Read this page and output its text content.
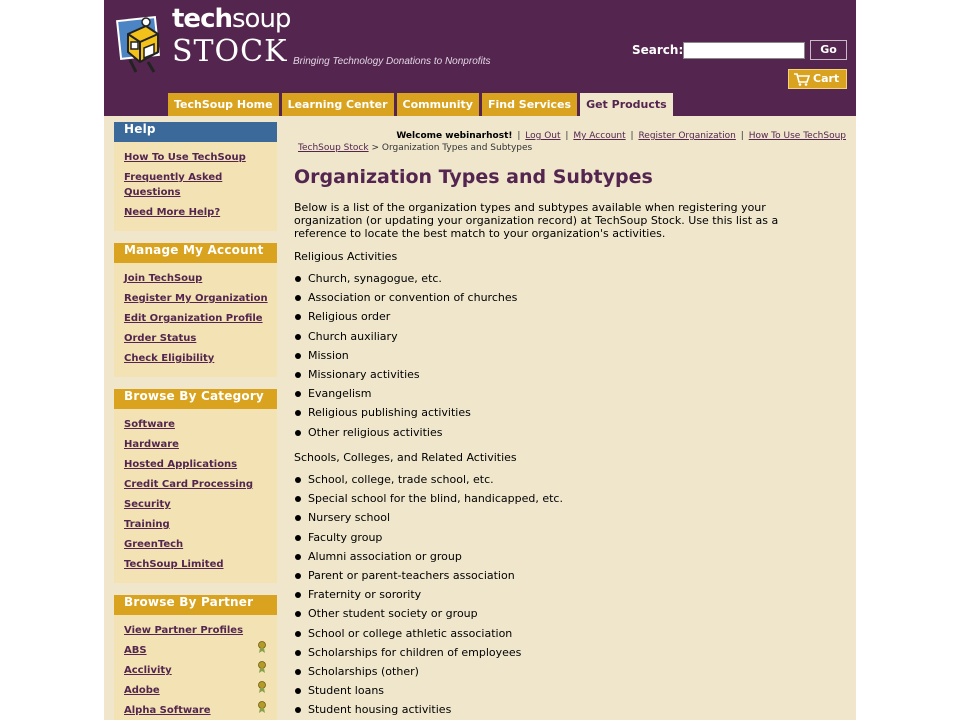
techsoup
STOCK Bringing Technology Donations to Nonprofits
Search:	Go
Cart
TechSoup Home	Learning Center	Community	Find Services	Get Products
Help
How To Use TechSoup
Frequently Asked Questions
Need More Help?
Manage My Account
Join TechSoup
Register My Organization
Edit Organization Profile
Order Status
Check Eligibility
Browse By Category
Software
Hardware
Hosted Applications
Credit Card Processing
Security
Training
GreenTech
TechSoup Limited
Browse By Partner
View Partner Profiles
ABS
Acclivity
Adobe
Alpha Software
Welcome webinarhost! | Log Out | My Account | Register Organization | How To Use TechSoup
TechSoup Stock > Organization Types and Subtypes
Organization Types and Subtypes

Below is a list of the organization types and subtypes available when registering your organization (or updating your organization record) at TechSoup Stock. Use this list as a reference to locate the best match to your organization's activities.

Religious Activities
Church, synagogue, etc.
Association or convention of churches
Religious order
Church auxiliary
Mission
Missionary activities
Evangelism
Religious publishing activities
Other religious activities
Schools, Colleges, and Related Activities
School, college, trade school, etc.
Special school for the blind, handicapped, etc.
Nursery school
Faculty group
Alumni association or group
Parent or parent-teachers association
Fraternity or sorority
Other student society or group
School or college athletic association
Scholarships for children of employees
Scholarships (other)
Student loans
Student housing activities
